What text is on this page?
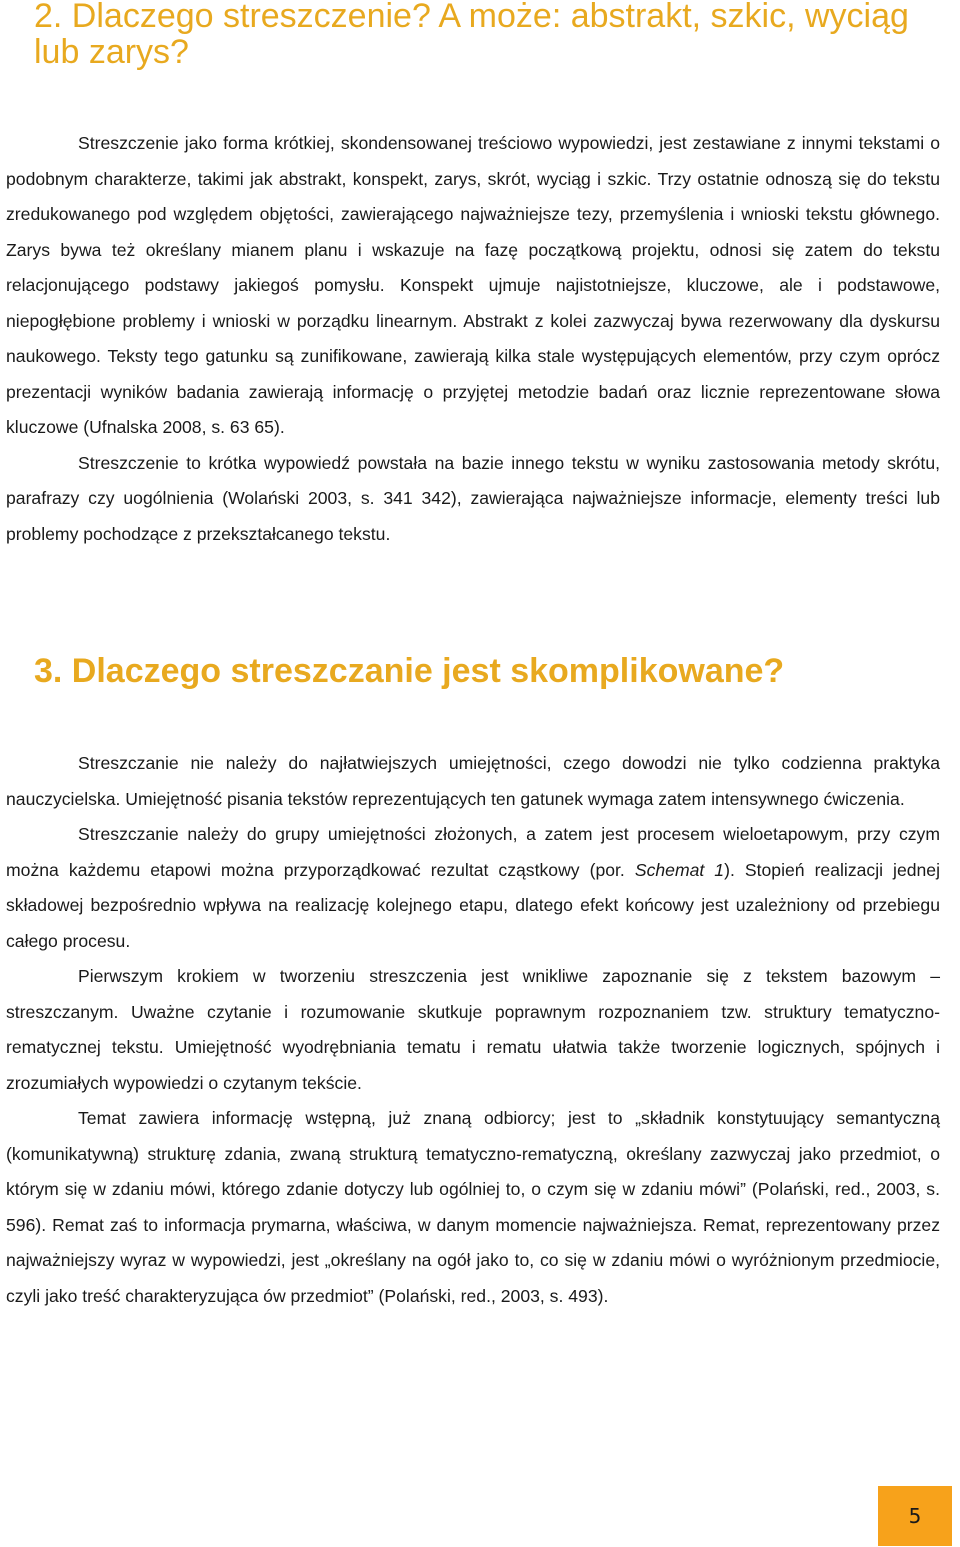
2. Dlaczego streszczenie? A może: abstrakt, szkic, wyciąg lub zarys?

Streszczenie jako forma krótkiej, skondensowanej treściowo wypowiedzi, jest zestawiane z innymi tekstami o podobnym charakterze, takimi jak abstrakt, konspekt, zarys, skrót, wyciąg i szkic. Trzy ostatnie odnoszą się do tekstu zredukowanego pod względem objętości, zawierającego najważniejsze tezy, przemyślenia i wnioski tekstu głównego. Zarys bywa też określany mianem planu i wskazuje na fazę początkową projektu, odnosi się zatem do tekstu relacjonującego podstawy jakiegoś pomysłu. Konspekt ujmuje najistotniejsze, kluczowe, ale i podstawowe, niepogłębione problemy i wnioski w porządku linearnym. Abstrakt z kolei zazwyczaj bywa rezerwowany dla dyskursu naukowego. Teksty tego gatunku są zunifikowane, zawierają kilka stale występujących elementów, przy czym oprócz prezentacji wyników badania zawierają informację o przyjętej metodzie badań oraz licznie reprezentowane słowa kluczowe (Ufnalska 2008, s. 63 65).

Streszczenie to krótka wypowiedź powstała na bazie innego tekstu w wyniku zastosowania metody skrótu, parafrazy czy uogólnienia (Wolański 2003, s. 341 342), zawierająca najważniejsze informacje, elementy treści lub problemy pochodzące z przekształcanego tekstu.

3. Dlaczego streszczanie jest skomplikowane?

Streszczanie nie należy do najłatwiejszych umiejętności, czego dowodzi nie tylko codzienna praktyka nauczycielska. Umiejętność pisania tekstów reprezentujących ten gatunek wymaga zatem intensywnego ćwiczenia.

Streszczanie należy do grupy umiejętności złożonych, a zatem jest procesem wieloetapowym, przy czym można każdemu etapowi można przyporządkować rezultat cząstkowy (por. Schemat 1). Stopień realizacji jednej składowej bezpośrednio wpływa na realizację kolejnego etapu, dlatego efekt końcowy jest uzależniony od przebiegu całego procesu.

Pierwszym krokiem w tworzeniu streszczenia jest wnikliwe zapoznanie się z tekstem bazowym – streszczanym. Uważne czytanie i rozumowanie skutkuje poprawnym rozpoznaniem tzw. struktury tematyczno-rematycznej tekstu. Umiejętność wyodrębniania tematu i rematu ułatwia także tworzenie logicznych, spójnych i zrozumiałych wypowiedzi o czytanym tekście.

Temat zawiera informację wstępną, już znaną odbiorcy; jest to „składnik konstytuujący semantyczną (komunikatywną) strukturę zdania, zwaną strukturą tematyczno-rematyczną, określany zazwyczaj jako przedmiot, o którym się w zdaniu mówi, którego zdanie dotyczy lub ogólniej to, o czym się w zdaniu mówi” (Polański, red., 2003, s. 596). Remat zaś to informacja prymarna, właściwa, w danym momencie najważniejsza. Remat, reprezentowany przez najważniejszy wyraz w wypowiedzi, jest „określany na ogół jako to, co się w zdaniu mówi o wyróżnionym przedmiocie, czyli jako treść charakteryzująca ów przedmiot” (Polański, red., 2003, s. 493).

5
